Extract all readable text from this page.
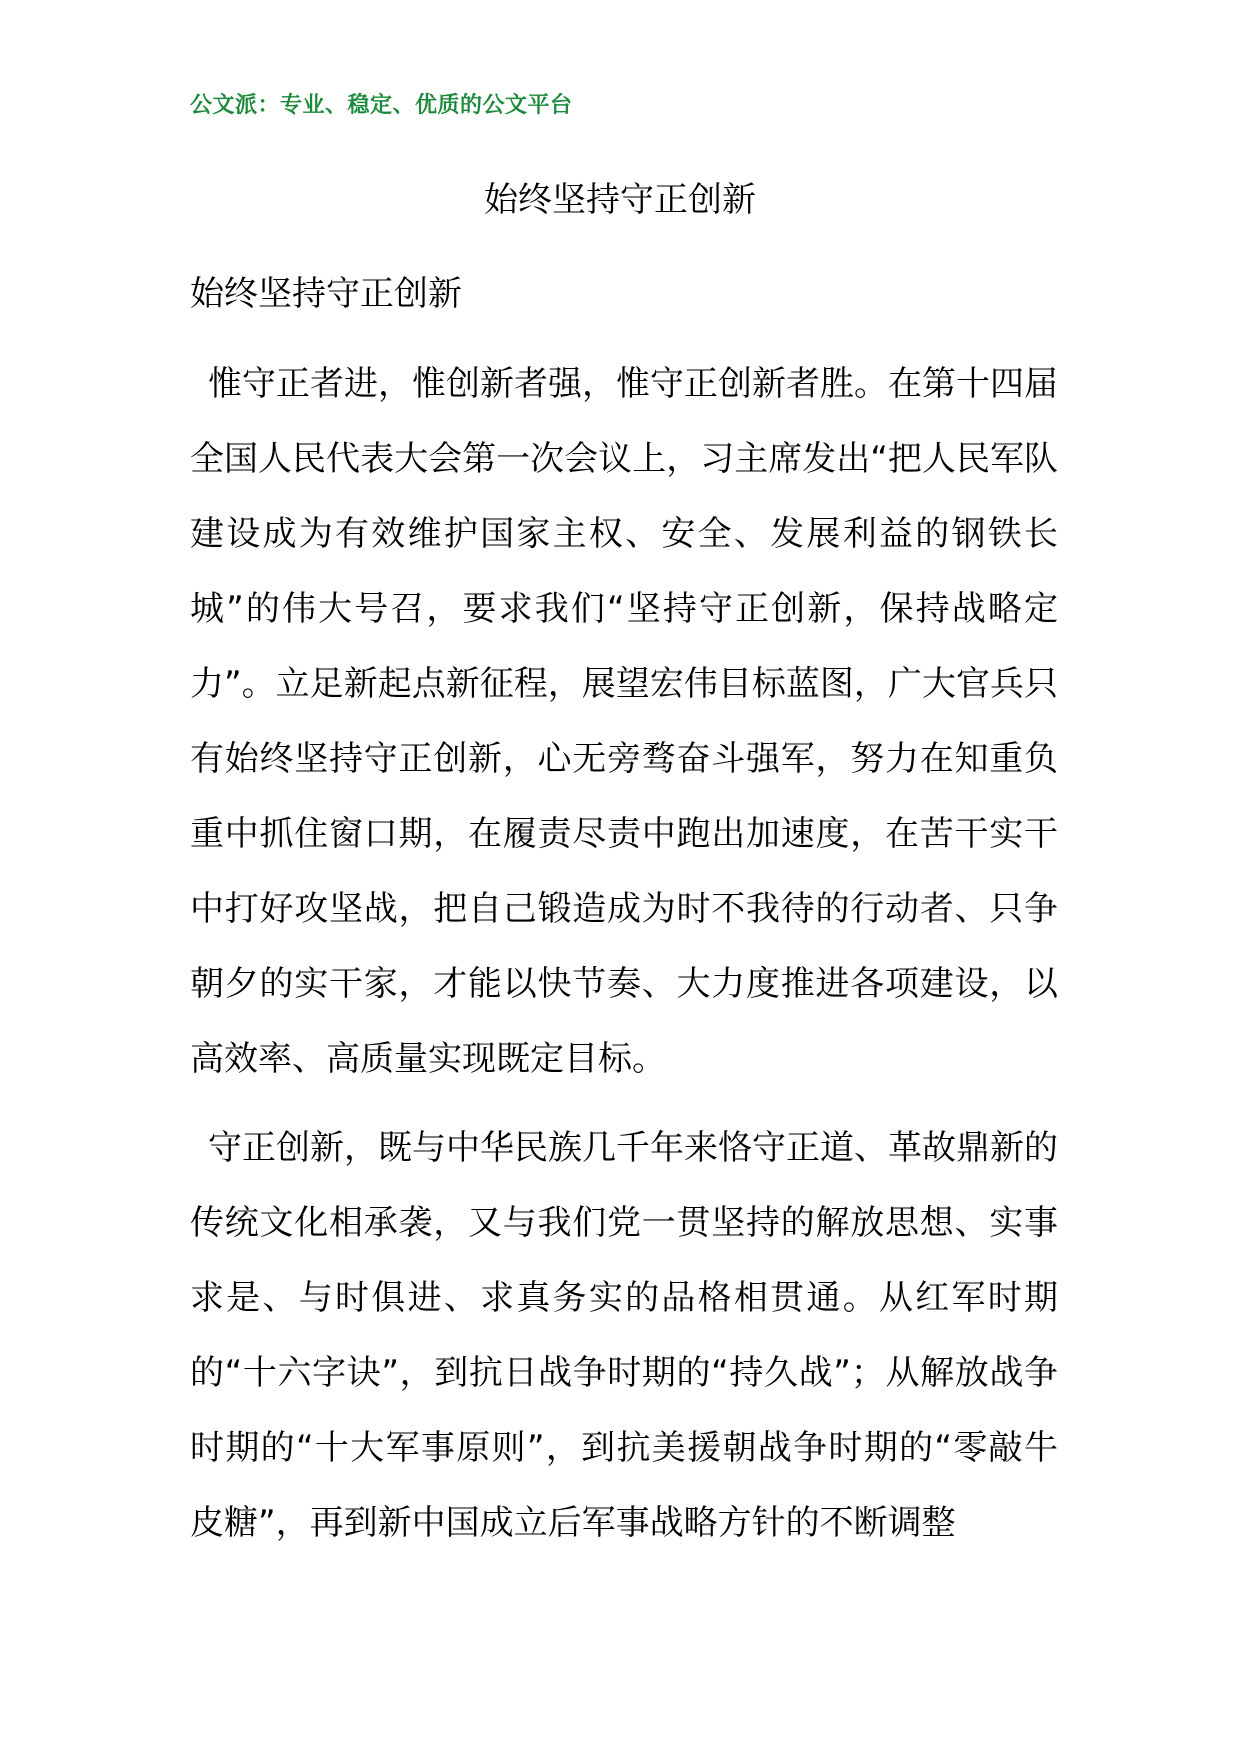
公文派：专业、稳定、优质的公文平台
始终坚持守正创新
始终坚持守正创新

惟守正者进，惟创新者强，惟守正创新者胜。在第十四届全国人民代表大会第一次会议上，习主席发出“把人民军队建设成为有效维护国家主权、安全、发展利益的钢铁长城”的伟大号召，要求我们“坚持守正创新，保持战略定力”。立足新起点新征程，展望宏伟目标蓝图，广大官兵只有始终坚持守正创新，心无旁骛奋斗强军，努力在知重负重中抓住窗口期，在履责尽责中跑出加速度，在苦干实干中打好攻坚战，把自己锻造成为时不我待的行动者、只争朝夕的实干家，才能以快节奏、大力度推进各项建设，以高效率、高质量实现既定目标。

守正创新，既与中华民族几千年来恪守正道、革故鼎新的传统文化相承袭，又与我们党一贯坚持的解放思想、实事求是、与时俱进、求真务实的品格相贯通。从红军时期的“十六字诀”，到抗日战争时期的“持久战”；从解放战争时期的“十大军事原则”，到抗美援朝战争时期的“零敲牛皮糖”，再到新中国成立后军事战略方针的不断调整
